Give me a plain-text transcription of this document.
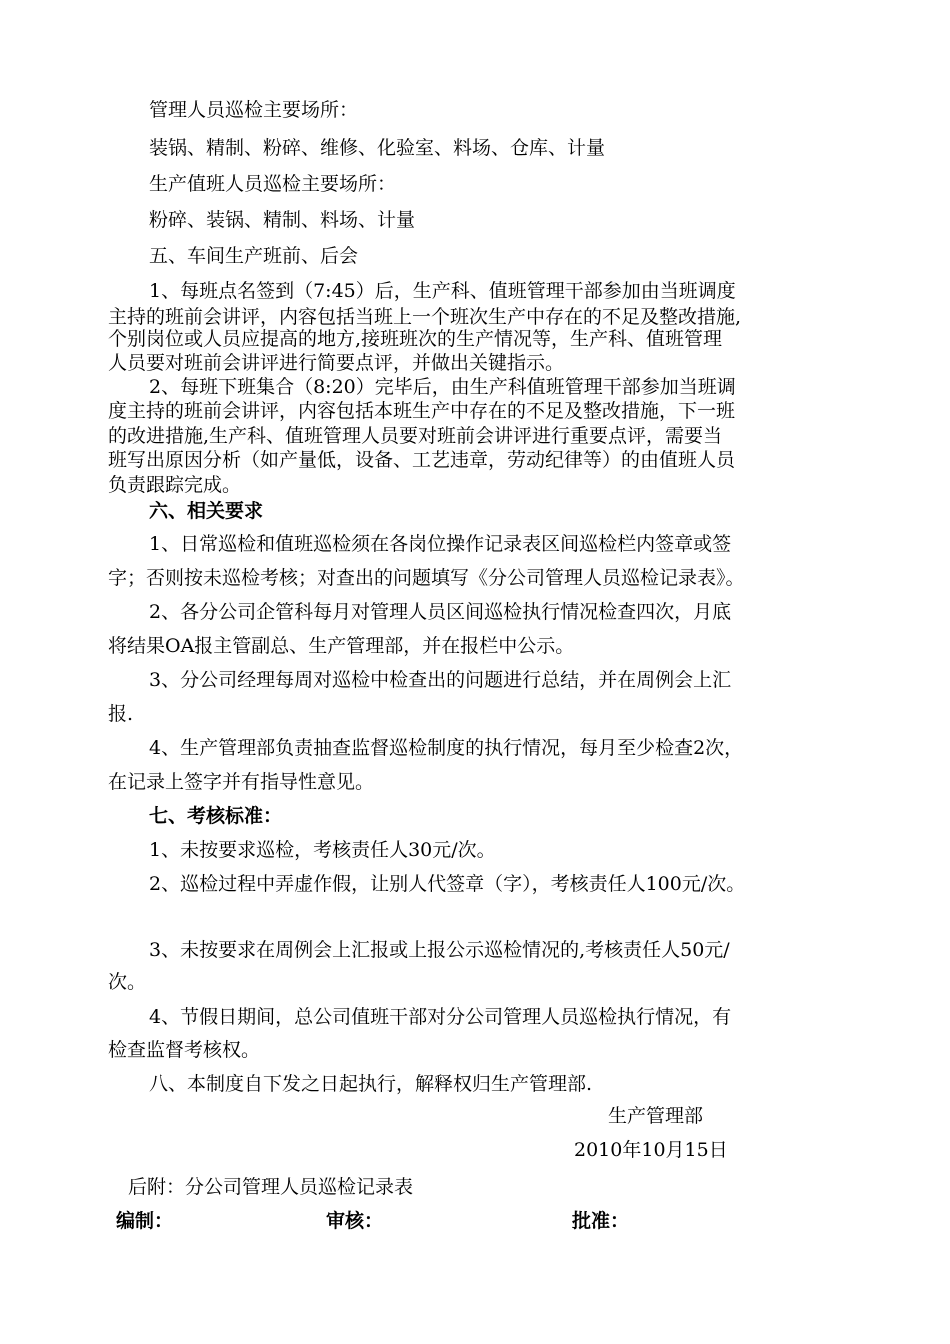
管理人员巡检主要场所：
装锅、精制、粉碎、维修、化验室、料场、仓库、计量
生产值班人员巡检主要场所：
粉碎、装锅、精制、料场、计量
五、车间生产班前、后会
1、每班点名签到（7:45）后，生产科、值班管理干部参加由当班调度
主持的班前会讲评，内容包括当班上一个班次生产中存在的不足及整改措施,
个别岗位或人员应提高的地方,接班班次的生产情况等，生产科、值班管理
人员要对班前会讲评进行简要点评，并做出关键指示。
2、每班下班集合（8:20）完毕后，由生产科值班管理干部参加当班调
度主持的班前会讲评，内容包括本班生产中存在的不足及整改措施，下一班
的改进措施,生产科、值班管理人员要对班前会讲评进行重要点评，需要当
班写出原因分析（如产量低，设备、工艺违章，劳动纪律等）的由值班人员
负责跟踪完成。
六、相关要求
1、日常巡检和值班巡检须在各岗位操作记录表区间巡检栏内签章或签
字；否则按未巡检考核；对查出的问题填写《分公司管理人员巡检记录表》。
2、各分公司企管科每月对管理人员区间巡检执行情况检查四次，月底
将结果OA报主管副总、生产管理部，并在报栏中公示。
3、分公司经理每周对巡检中检查出的问题进行总结，并在周例会上汇
报.
4、生产管理部负责抽查监督巡检制度的执行情况，每月至少检查2次，
在记录上签字并有指导性意见。
七、考核标准：
1、未按要求巡检，考核责任人30元/次。
2、巡检过程中弄虚作假，让别人代签章（字），考核责任人100元/次。
3、未按要求在周例会上汇报或上报公示巡检情况的,考核责任人50元/
次。
4、节假日期间，总公司值班干部对分公司管理人员巡检执行情况，有
检查监督考核权。
八、本制度自下发之日起执行，解释权归生产管理部.
生产管理部
2010年10月15日
后附：分公司管理人员巡检记录表
编制：	审核：	批准：
